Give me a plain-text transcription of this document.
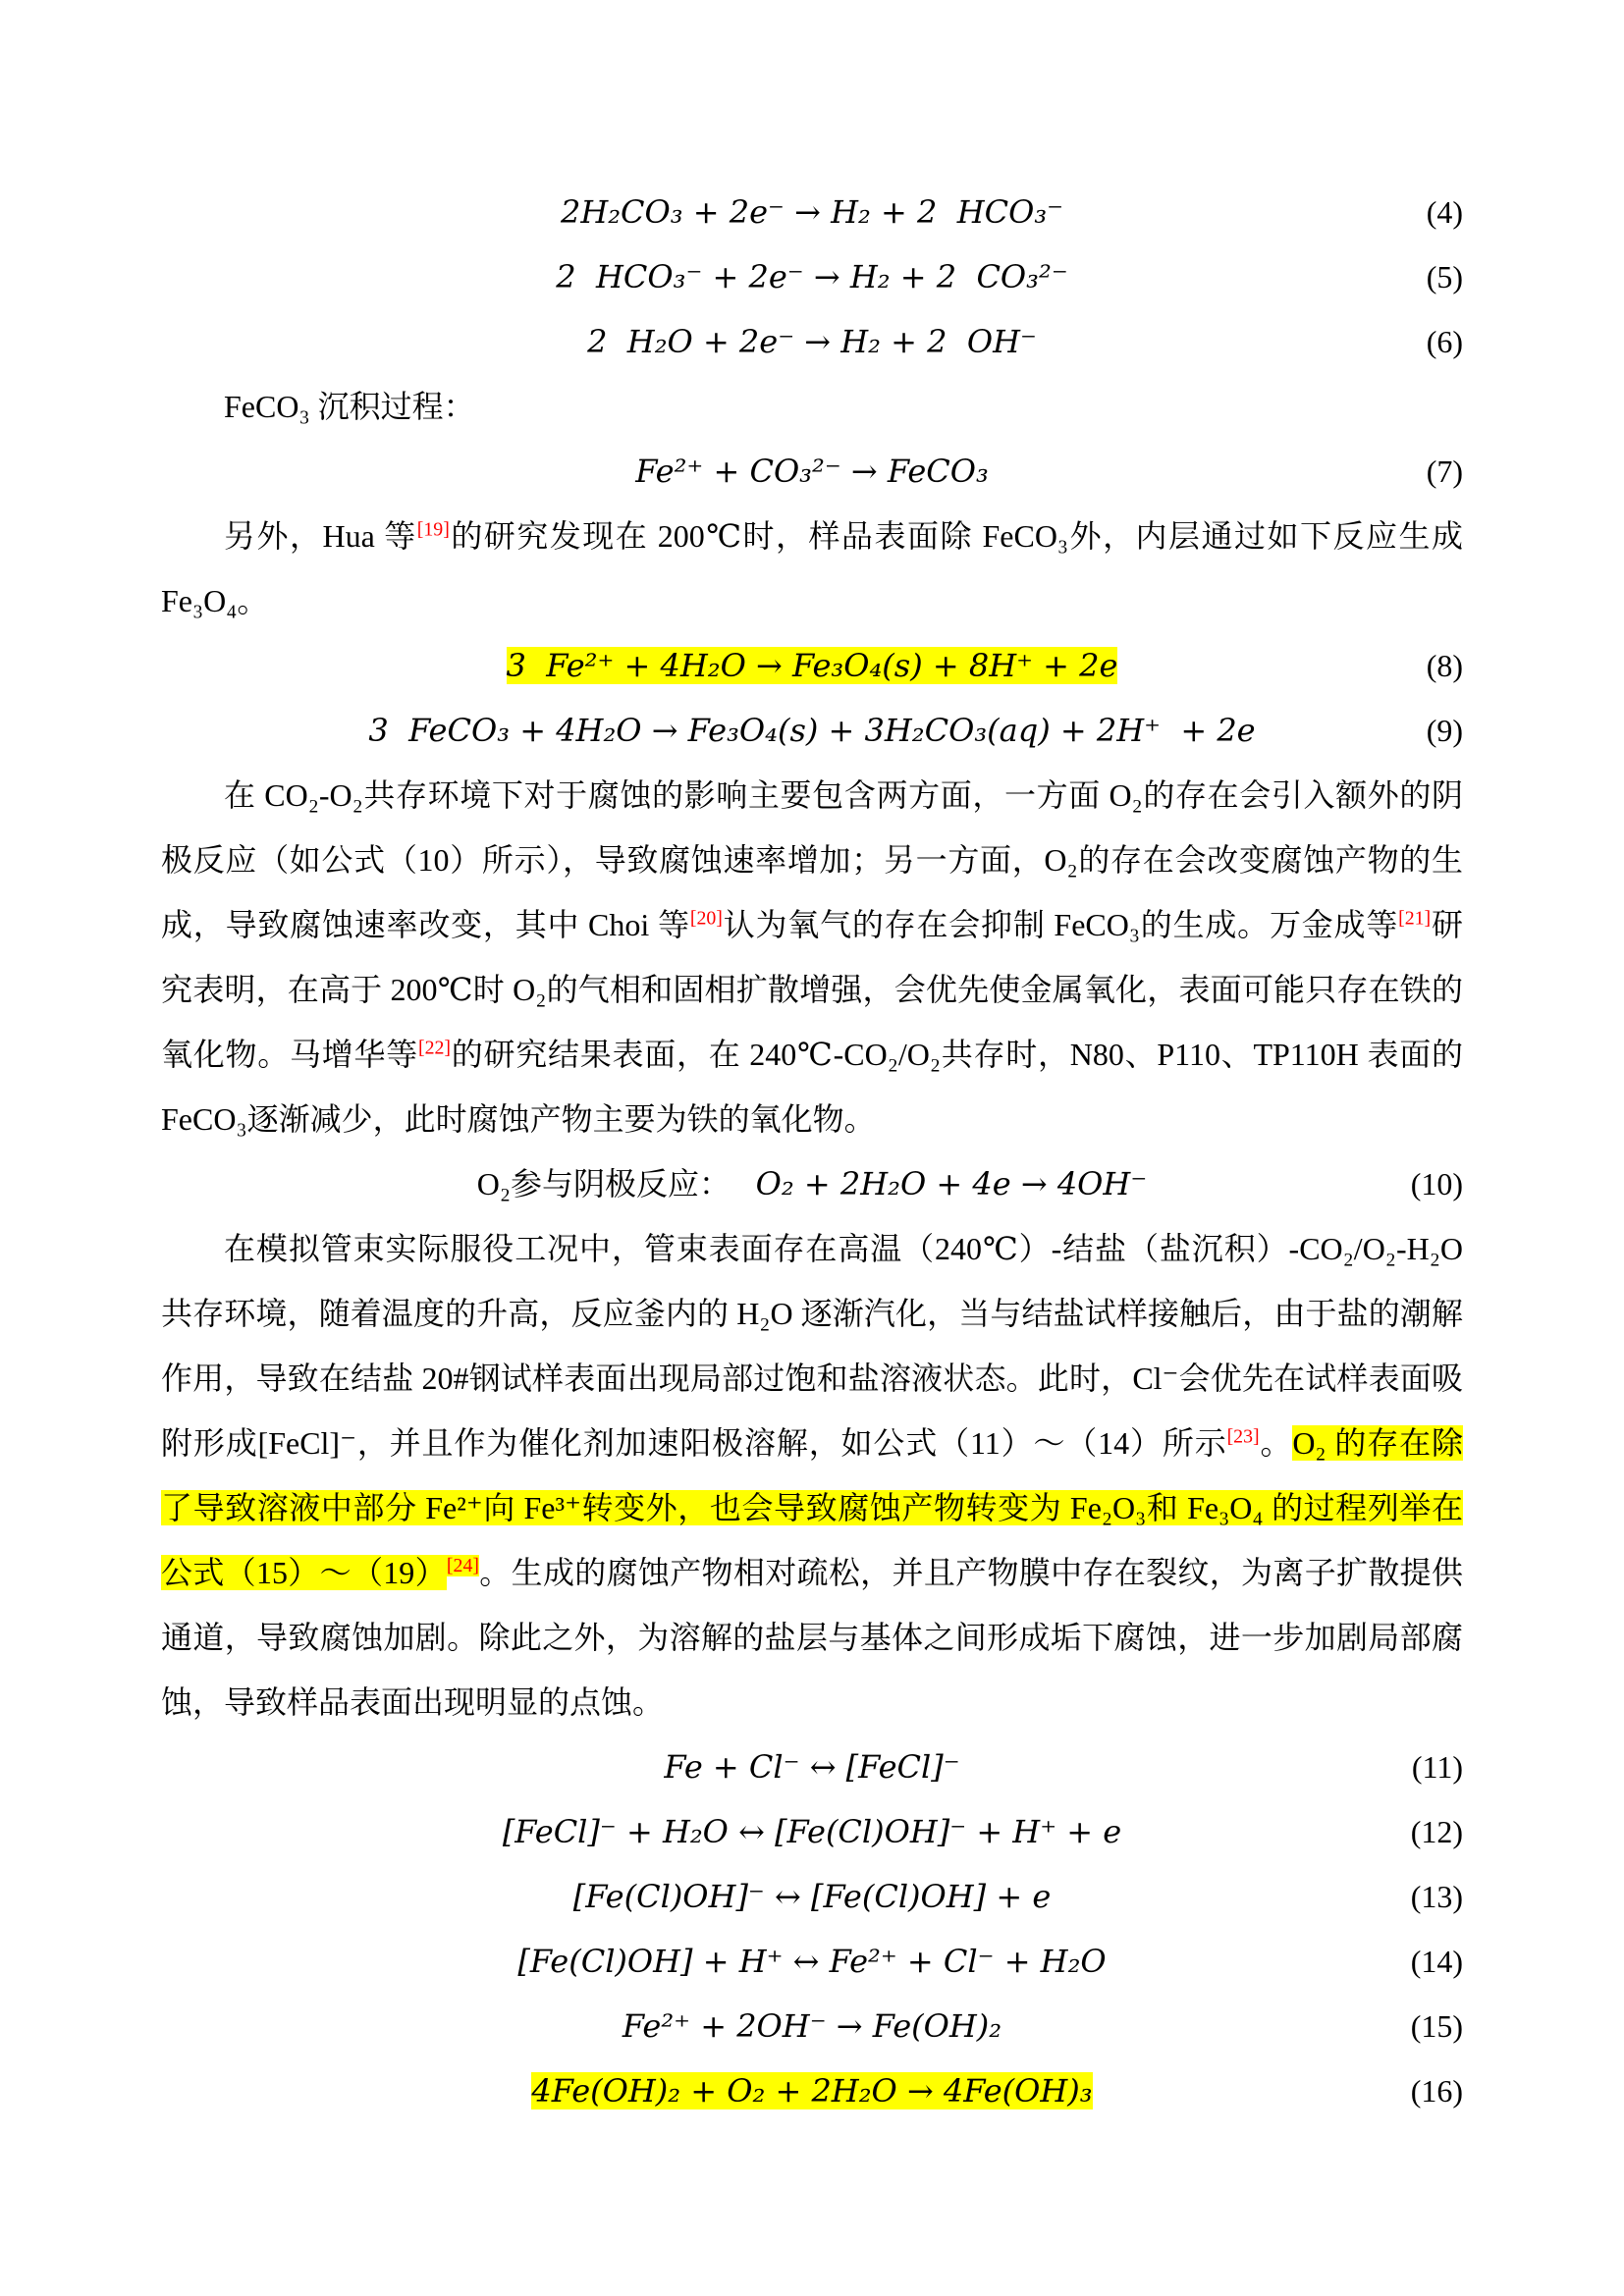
2H₂CO₃ + 2e⁻ → H₂ + 2  HCO₃⁻	(4)
2  HCO₃⁻ + 2e⁻ → H₂ + 2  CO₃²⁻	(5)
2  H₂O + 2e⁻ → H₂ + 2  OH⁻	(6)
FeCO₃ 沉积过程：
Fe²⁺ + CO₃²⁻ → FeCO₃	(7)

另外，Hua 等[19]的研究发现在 200℃时，样品表面除 FeCO₃外，内层通过如下反应生成 Fe₃O₄。

3  Fe²⁺ + 4H₂O → Fe₃O₄(s) + 8H⁺ + 2e	(8)
3  FeCO₃ + 4H₂O → Fe₃O₄(s) + 3H₂CO₃(aq) + 2H⁺  + 2e	(9)

在 CO₂-O₂共存环境下对于腐蚀的影响主要包含两方面，一方面 O₂的存在会引入额外的阴极反应（如公式（10）所示），导致腐蚀速率增加；另一方面，O₂的存在会改变腐蚀产物的生成，导致腐蚀速率改变，其中 Choi 等[20]认为氧气的存在会抑制 FeCO₃的生成。万金成等[21]研究表明，在高于 200℃时 O₂的气相和固相扩散增强，会优先使金属氧化，表面可能只存在铁的氧化物。马增华等[22]的研究结果表面，在 240℃-CO₂/O₂共存时，N80、P110、TP110H 表面的 FeCO₃逐渐减少，此时腐蚀产物主要为铁的氧化物。

O₂参与阴极反应： O₂ + 2H₂O + 4e → 4OH⁻	(10)

在模拟管束实际服役工况中，管束表面存在高温（240℃）-结盐（盐沉积）-CO₂/O₂-H₂O 共存环境，随着温度的升高，反应釜内的 H₂O 逐渐汽化，当与结盐试样接触后，由于盐的潮解作用，导致在结盐 20#钢试样表面出现局部过饱和盐溶液状态。此时，Cl⁻会优先在试样表面吸附形成[FeCl]⁻，并且作为催化剂加速阳极溶解，如公式（11）～（14）所示[23]。O₂ 的存在除了导致溶液中部分 Fe²⁺向 Fe³⁺转变外，也会导致腐蚀产物转变为 Fe₂O₃和 Fe₃O₄ 的过程列举在公式（15）～（19）[24]。生成的腐蚀产物相对疏松，并且产物膜中存在裂纹，为离子扩散提供通道，导致腐蚀加剧。除此之外，为溶解的盐层与基体之间形成垢下腐蚀，进一步加剧局部腐蚀，导致样品表面出现明显的点蚀。

Fe + Cl⁻ ↔ [FeCl]⁻	(11)
[FeCl]⁻ + H₂O ↔ [Fe(Cl)OH]⁻ + H⁺ + e	(12)
[Fe(Cl)OH]⁻ ↔ [Fe(Cl)OH] + e	(13)
[Fe(Cl)OH] + H⁺ ↔ Fe²⁺ + Cl⁻ + H₂O	(14)
Fe²⁺ + 2OH⁻ → Fe(OH)₂	(15)
4Fe(OH)₂ + O₂ + 2H₂O → 4Fe(OH)₃	(16)
